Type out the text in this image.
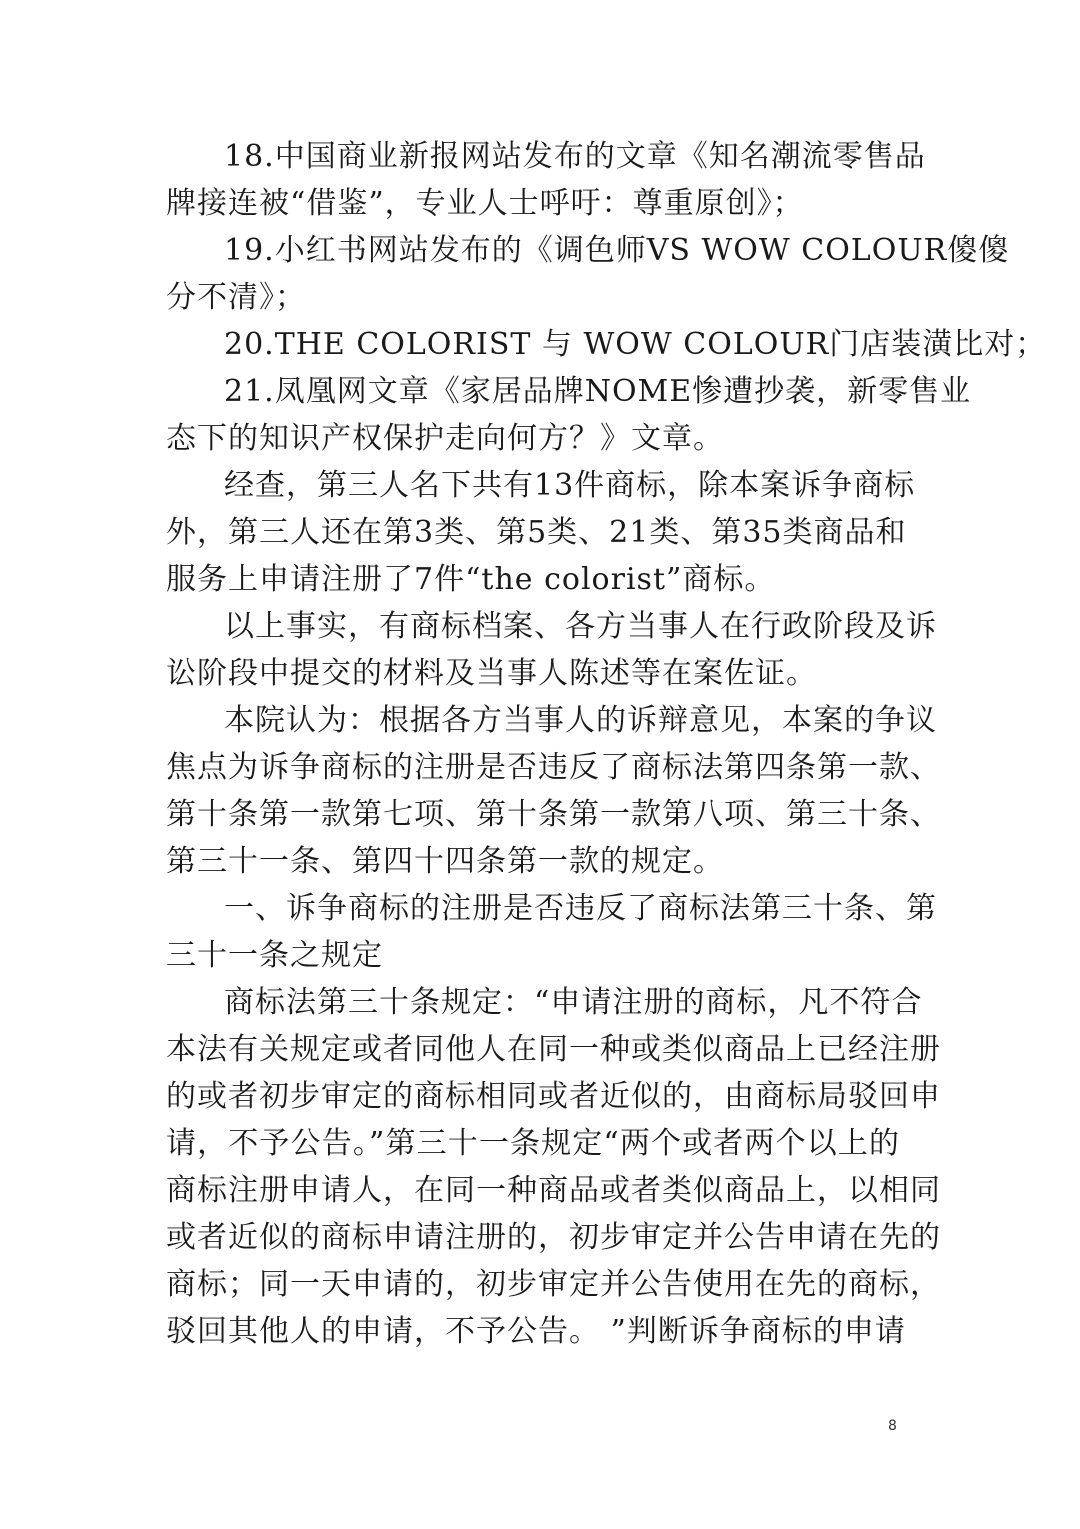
18.中国商业新报网站发布的文章《知名潮流零售品
牌接连被“借鉴”，专业人士呼吁：尊重原创》；
19.小红书网站发布的《调色师VS WOW COLOUR傻傻
分不清》；
20.THE COLORIST 与 WOW COLOUR门店装潢比对；
21.凤凰网文章《家居品牌NOME惨遭抄袭，新零售业
态下的知识产权保护走向何方？》文章。
经查，第三人名下共有13件商标，除本案诉争商标
外，第三人还在第3类、第5类、21类、第35类商品和
服务上申请注册了7件“the colorist”商标。
以上事实，有商标档案、各方当事人在行政阶段及诉
讼阶段中提交的材料及当事人陈述等在案佐证。
本院认为：根据各方当事人的诉辩意见，本案的争议
焦点为诉争商标的注册是否违反了商标法第四条第一款、
第十条第一款第七项、第十条第一款第八项、第三十条、
第三十一条、第四十四条第一款的规定。
一、诉争商标的注册是否违反了商标法第三十条、第
三十一条之规定
商标法第三十条规定：“申请注册的商标，凡不符合
本法有关规定或者同他人在同一种或类似商品上已经注册
的或者初步审定的商标相同或者近似的，由商标局驳回申
请，不予公告。”第三十一条规定“两个或者两个以上的
商标注册申请人，在同一种商品或者类似商品上，以相同
或者近似的商标申请注册的，初步审定并公告申请在先的
商标；同一天申请的，初步审定并公告使用在先的商标，
驳回其他人的申请，不予公告。 ”判断诉争商标的申请
8
